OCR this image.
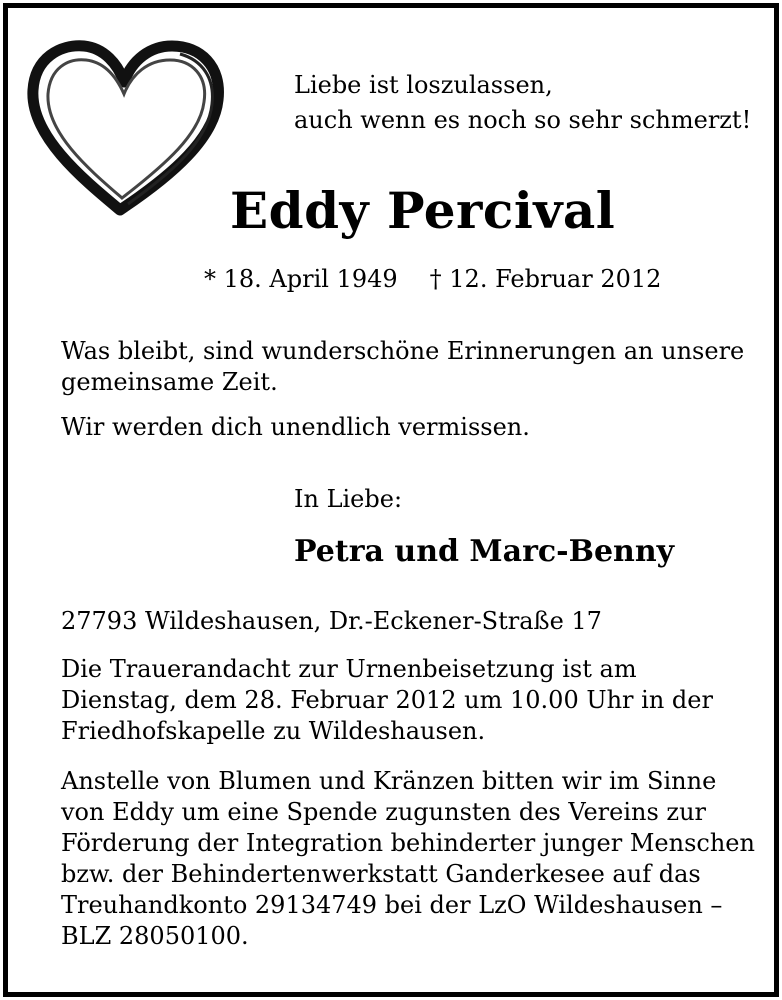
Liebe ist loszulassen,
auch wenn es noch so sehr schmerzt!
Eddy Percival
* 18. April 1949 † 12. Februar 2012
Was bleibt, sind wunderschöne Erinnerungen an unsere
gemeinsame Zeit.
Wir werden dich unendlich vermissen.
In Liebe:
Petra und Marc-Benny
27793 Wildeshausen, Dr.-Eckener-Straße 17
Die Trauerandacht zur Urnenbeisetzung ist am
Dienstag, dem 28. Februar 2012 um 10.00 Uhr in der
Friedhofskapelle zu Wildeshausen.
Anstelle von Blumen und Kränzen bitten wir im Sinne
von Eddy um eine Spende zugunsten des Vereins zur
Förderung der Integration behinderter junger Menschen
bzw. der Behindertenwerkstatt Ganderkesee auf das
Treuhandkonto 29134749 bei der LzO Wildeshausen –
BLZ 28050100.
